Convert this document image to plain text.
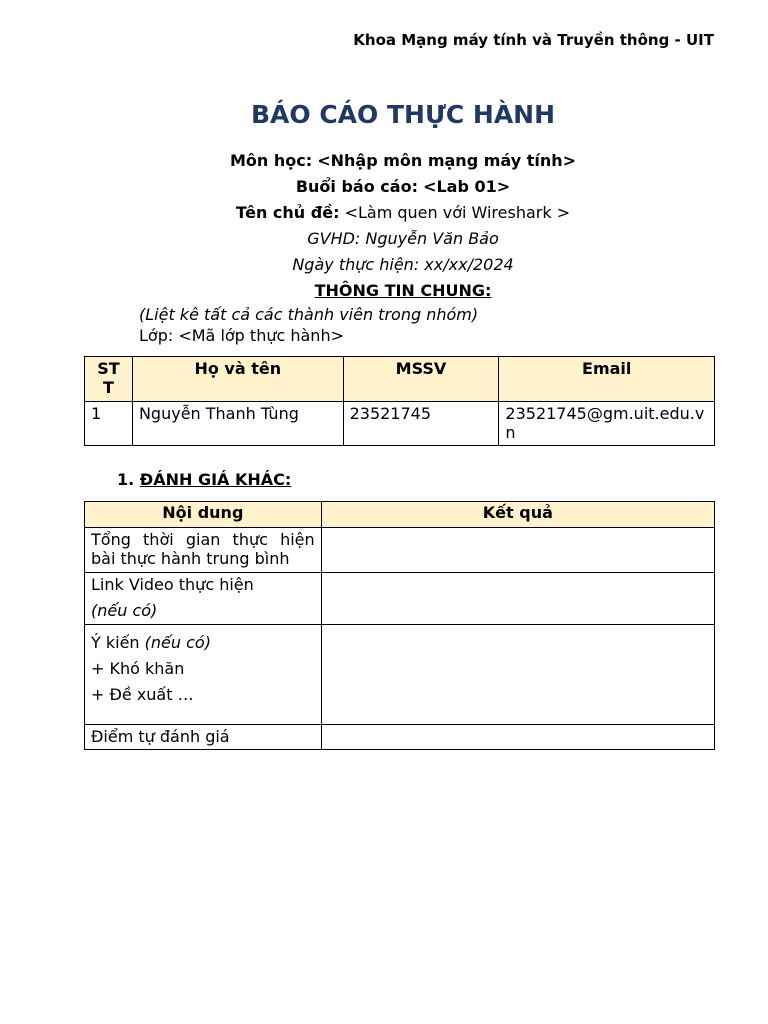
Khoa Mạng máy tính và Truyền thông - UIT
BÁO CÁO THỰC HÀNH
Môn học: <Nhập môn mạng máy tính>
Buổi báo cáo: <Lab 01>
Tên chủ đề: <Làm quen với Wireshark >
GVHD: Nguyễn Văn Bảo
Ngày thực hiện: xx/xx/2024
THÔNG TIN CHUNG:
(Liệt kê tất cả các thành viên trong nhóm)
Lớp: <Mã lớp thực hành>
ST T	Họ và tên	MSSV	Email
1	Nguyễn Thanh Tùng	23521745	23521745@gm.uit.edu.vn
1. ĐÁNH GIÁ KHÁC:
Nội dung	Kết quả
Tổng thời gian thực hiện bài thực hành trung bình	

Link Video thực hiện
(nếu có)	

Ý kiến (nếu có)
+ Khó khăn
+ Đề xuất …	

Điểm tự đánh giá	
